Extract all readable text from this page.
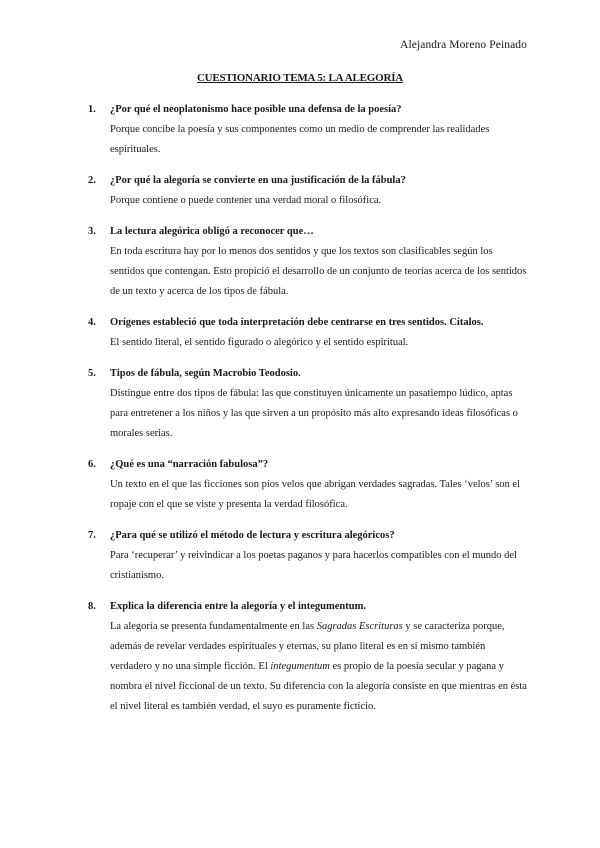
Alejandra Moreno Peinado
CUESTIONARIO TEMA 5: LA ALEGORÍA
1.	¿Por qué el neoplatonismo hace posible una defensa de la poesía?
Porque concibe la poesía y sus componentes como un medio de comprender las realidades espirituales.
2.	¿Por qué la alegoría se convierte en una justificación de la fábula?
Porque contiene o puede contener una verdad moral o filosófica.
3.	La lectura alegórica obligó a reconocer que…
En toda escritura hay por lo menos dos sentidos y que los textos son clasificables según los sentidos que contengan. Esto propició el desarrollo de un conjunto de teorías acerca de los sentidos de un texto y acerca de los tipos de fábula.
4.	Orígenes estableció que toda interpretación debe centrarse en tres sentidos. Cítalos.
El sentido literal, el sentido figurado o alegórico y el sentido espiritual.
5.	Tipos de fábula, según Macrobio Teodosio.
Distingue entre dos tipos de fábula: las que constituyen únicamente un pasatiempo lúdico, aptas para entretener a los niños y las que sirven a un propósito más alto expresando ideas filosóficas o morales serias.
6.	¿Qué es una “narración fabulosa”?
Un texto en el que las ficciones son píos velos que abrigan verdades sagradas. Tales ‘velos’ son el ropaje con el que se viste y presenta la verdad filosófica.
7.	¿Para qué se utilizó el método de lectura y escritura alegóricos?
Para ‘recuperar’ y reivindicar a los poetas paganos y para hacerlos compatibles con el mundo del cristianismo.
8.	Explica la diferencia entre la alegoría y el integumentum.
La alegoría se presenta fundamentalmente en las Sagradas Escrituras y se caracteriza porque, además de revelar verdades espirituales y eternas, su plano literal es en sí mismo también verdadero y no una simple ficción. El integumentum es propio de la poesía secular y pagana y nombra el nivel ficcional de un texto. Su diferencia con la alegoría consiste en que mientras en ésta el nivel literal es también verdad, el suyo es puramente ficticio.
